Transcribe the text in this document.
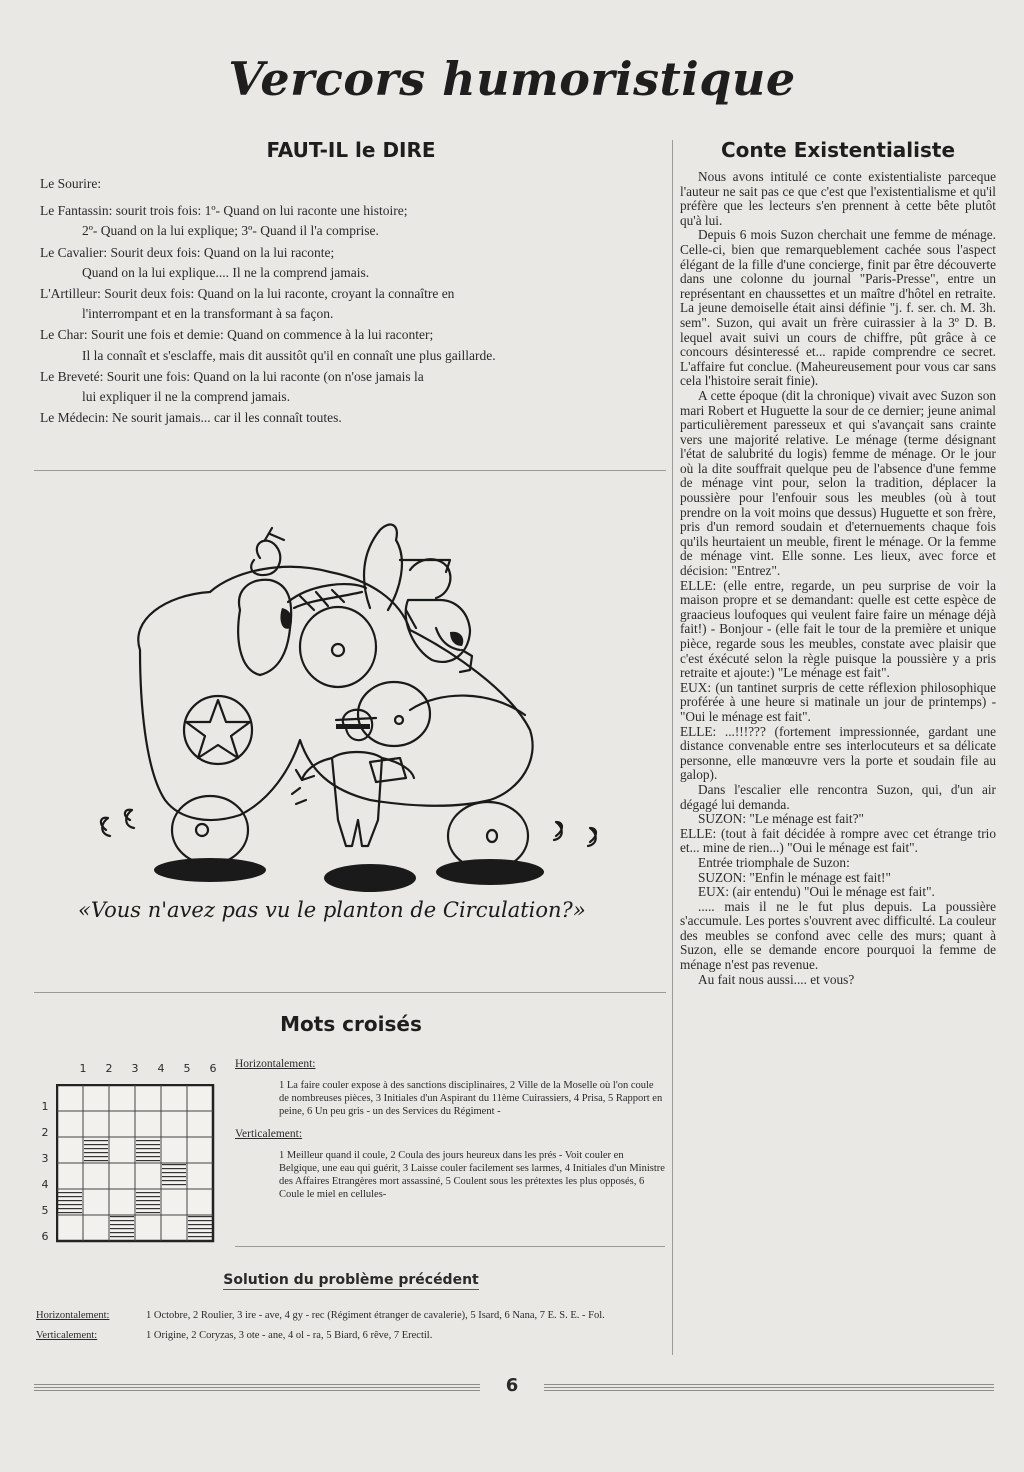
Vercors humoristique
FAUT-IL le DIRE

Le Sourire:

Le Fantassin: sourit trois fois: 1º- Quand on lui raconte une histoire;
2º- Quand on la lui explique; 3º- Quand il l'a comprise.

Le Cavalier: Sourit deux fois: Quand on la lui raconte;
Quand on la lui explique.... Il ne la comprend jamais.

L'Artilleur: Sourit deux fois: Quand on la lui raconte, croyant la connaître en
l'interrompant et en la transformant à sa façon.

Le Char: Sourit une fois et demie: Quand on commence à la lui raconter;
Il la connaît et s'esclaffe, mais dit aussitôt qu'il en connaît une plus gaillarde.

Le Breveté: Sourit une fois: Quand on la lui raconte (on n'ose jamais la
lui expliquer il ne la comprend jamais.

Le Médecin: Ne sourit jamais... car il les connaît toutes.

«Vous n'avez pas vu le planton de Circulation?»
Mots croisés
1	2	3	4	5	6
1
2
3
4
5
6

Horizontalement:

1 La faire couler expose à des sanctions disciplinaires, 2 Ville de la Moselle où l'on coule de nombreuses pièces, 3 Initiales d'un Aspirant du 11ème Cuirassiers, 4 Prisa, 5 Rapport en peine, 6 Un peu gris - un des Services du Régiment -

Verticalement:

1 Meilleur quand il coule, 2 Coula des jours heureux dans les prés - Voit couler en Belgique, une eau qui guérit, 3 Laisse couler facilement ses larmes, 4 Initiales d'un Ministre des Affaires Etrangères mort assassiné, 5 Coulent sous les prétextes les plus opposés, 6 Coule le miel en cellules-

Solution du problème précédent
Horizontalement:	1 Octobre, 2 Roulier, 3 ire - ave, 4 gy - rec (Régiment étranger de cavalerie), 5 Isard, 6 Nana, 7 E. S. E. - Fol.
Verticalement:	1 Origine, 2 Coryzas, 3 ote - ane, 4 ol - ra, 5 Biard, 6 rêve, 7 Erectil.
Conte Existentialiste

Nous avons intitulé ce conte existentialiste parceque l'auteur ne sait pas ce que c'est que l'existentialisme et qu'il préfère que les lecteurs s'en prennent à cette bête plutôt qu'à lui.

Depuis 6 mois Suzon cherchait une femme de ménage. Celle-ci, bien que remarqueblement cachée sous l'aspect élégant de la fille d'une concierge, finit par être découverte dans une colonne du journal "Paris-Presse", entre un représentant en chaussettes et un maître d'hôtel en retraite. La jeune demoiselle était ainsi définie "j. f. ser. ch. M. 3h. sem". Suzon, qui avait un frère cuirassier à la 3º D. B. lequel avait suivi un cours de chiffre, pût grâce à ce concours désinteressé et... rapide comprendre ce secret. L'affaire fut conclue. (Maheureusement pour vous car sans cela l'histoire serait finie).

A cette époque (dit la chronique) vivait avec Suzon son mari Robert et Huguette la sour de ce dernier; jeune animal particulièrement paresseux et qui s'avançait sans crainte vers une majorité relative. Le ménage (terme désignant l'état de salubrité du logis) femme de ménage. Or le jour où la dite souffrait quelque peu de l'absence d'une femme de ménage vint pour, selon la tradition, déplacer la poussière pour l'enfouir sous les meubles (où à tout prendre on la voit moins que dessus) Huguette et son frère, pris d'un remord soudain et d'eternuements chaque fois qu'ils heurtaient un meuble, firent le ménage. Or la femme de ménage vint. Elle sonne. Les lieux, avec force et décision: "Entrez".

ELLE: (elle entre, regarde, un peu surprise de voir la maison propre et se demandant: quelle est cette espèce de graacieus loufoques qui veulent faire faire un ménage déjà fait!) - Bonjour - (elle fait le tour de la première et unique pièce, regarde sous les meubles, constate avec plaisir que c'est éxécuté selon la règle puisque la poussière y a pris retraite et ajoute:) "Le ménage est fait".

EUX: (un tantinet surpris de cette réflexion philosophique proférée à une heure si matinale un jour de printemps) - "Oui le ménage est fait".

ELLE: ...!!!??? (fortement impressionnée, gardant une distance convenable entre ses interlocuteurs et sa délicate personne, elle manœuvre vers la porte et soudain file au galop).

Dans l'escalier elle rencontra Suzon, qui, d'un air dégagé lui demanda.

SUZON: "Le ménage est fait?"

ELLE: (tout à fait décidée à rompre avec cet étrange trio et... mine de rien...) "Oui le ménage est fait".

Entrée triomphale de Suzon:

SUZON: "Enfin le ménage est fait!"

EUX: (air entendu) "Oui le ménage est fait".

..... mais il ne le fut plus depuis. La poussière s'accumule. Les portes s'ouvrent avec difficulté. La couleur des meubles se confond avec celle des murs; quant à Suzon, elle se demande encore pourquoi la femme de ménage n'est pas revenue.

Au fait nous aussi.... et vous?

6
